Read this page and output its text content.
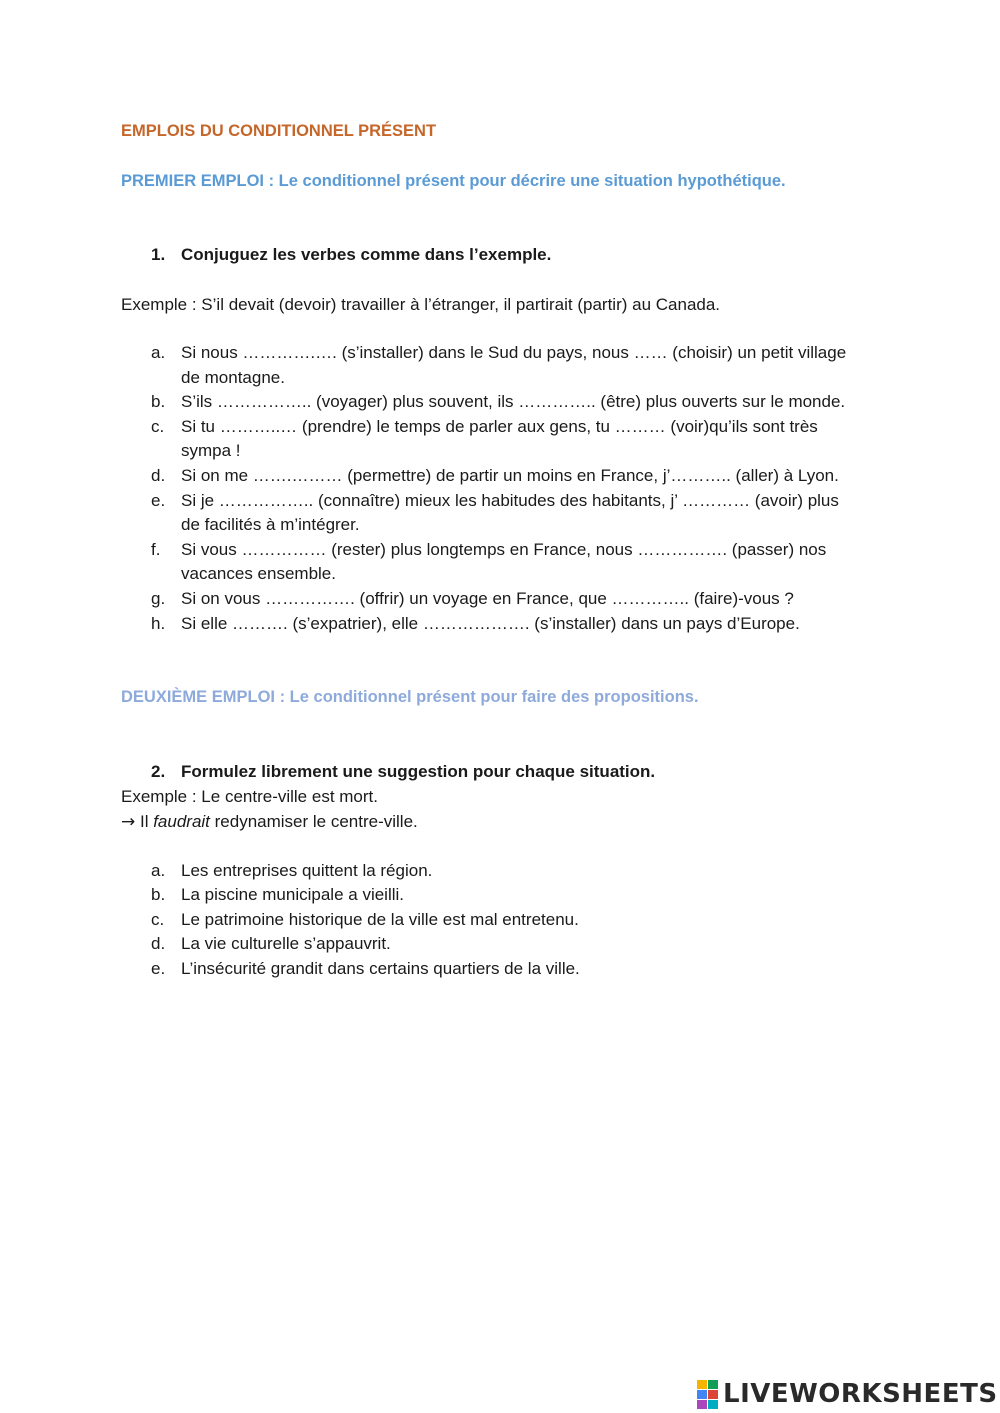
EMPLOIS DU CONDITIONNEL PRÉSENT
PREMIER EMPLOI : Le conditionnel présent pour décrire une situation hypothétique.
1. Conjuguez les verbes comme dans l’exemple.
Exemple : S’il devait (devoir) travailler à l’étranger, il partirait (partir) au Canada.
a. Si nous ………….…. (s’installer) dans le Sud du pays, nous …… (choisir) un petit village
de montagne.
b. S’ils …………….. (voyager) plus souvent, ils ………….. (être) plus ouverts sur le monde.
c. Si tu ………..… (prendre) le temps de parler aux gens, tu ……… (voir)qu’ils sont très
sympa !
d. Si on me …….……… (permettre) de partir un moins en France, j’……….. (aller) à Lyon.
e. Si je …………….. (connaître) mieux les habitudes des habitants, j’ ………… (avoir) plus
de facilités à m’intégrer.
f. Si vous …………… (rester) plus longtemps en France, nous ……………. (passer) nos
vacances ensemble.
g. Si on vous ……………. (offrir) un voyage en France, que ………….. (faire)-vous ?
h. Si elle ………. (s’expatrier), elle ………………. (s’installer) dans un pays d’Europe.
DEUXIÈME EMPLOI : Le conditionnel présent pour faire des propositions.
2. Formulez librement une suggestion pour chaque situation.
Exemple : Le centre-ville est mort.
→ Il faudrait redynamiser le centre-ville.
a. Les entreprises quittent la région.
b. La piscine municipale a vieilli.
c. Le patrimoine historique de la ville est mal entretenu.
d. La vie culturelle s’appauvrit.
e. L’insécurité grandit dans certains quartiers de la ville.
LIVEWORKSHEETS
